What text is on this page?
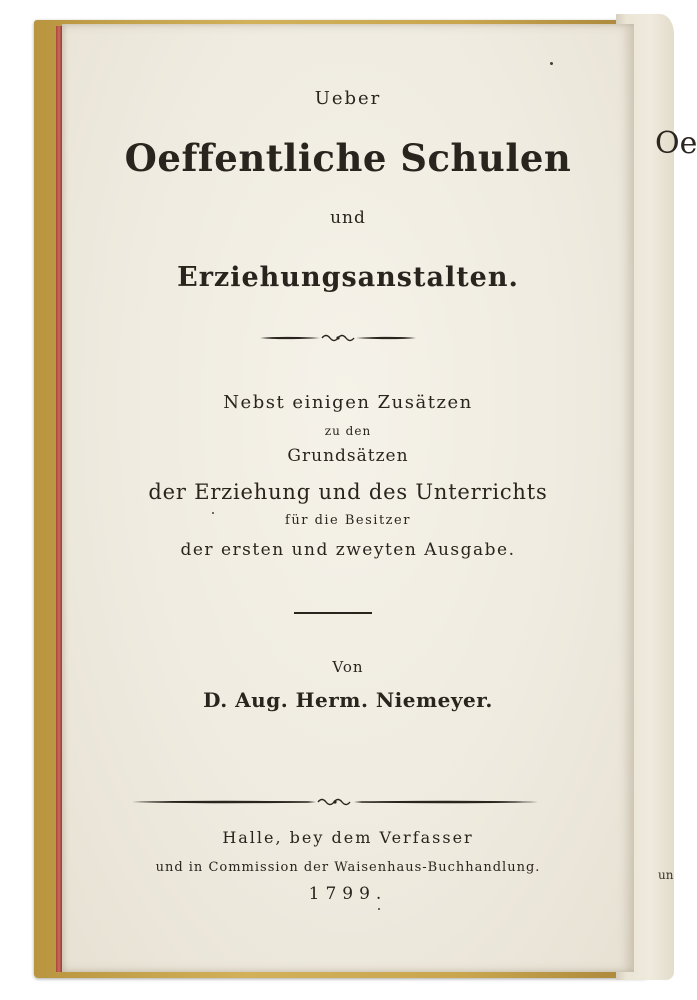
Oe
un
Ueber
Oeffentliche Schulen
und
Erziehungsanstalten.
Nebst einigen Zusätzen
zu den
Grundsätzen
der Erziehung und des Unterrichts
für die Besitzer
der ersten und zweyten Ausgabe.
Von
D. Aug. Herm. Niemeyer.
Halle, bey dem Verfasser
und in Commission der Waisenhaus-Buchhandlung.
1799.
